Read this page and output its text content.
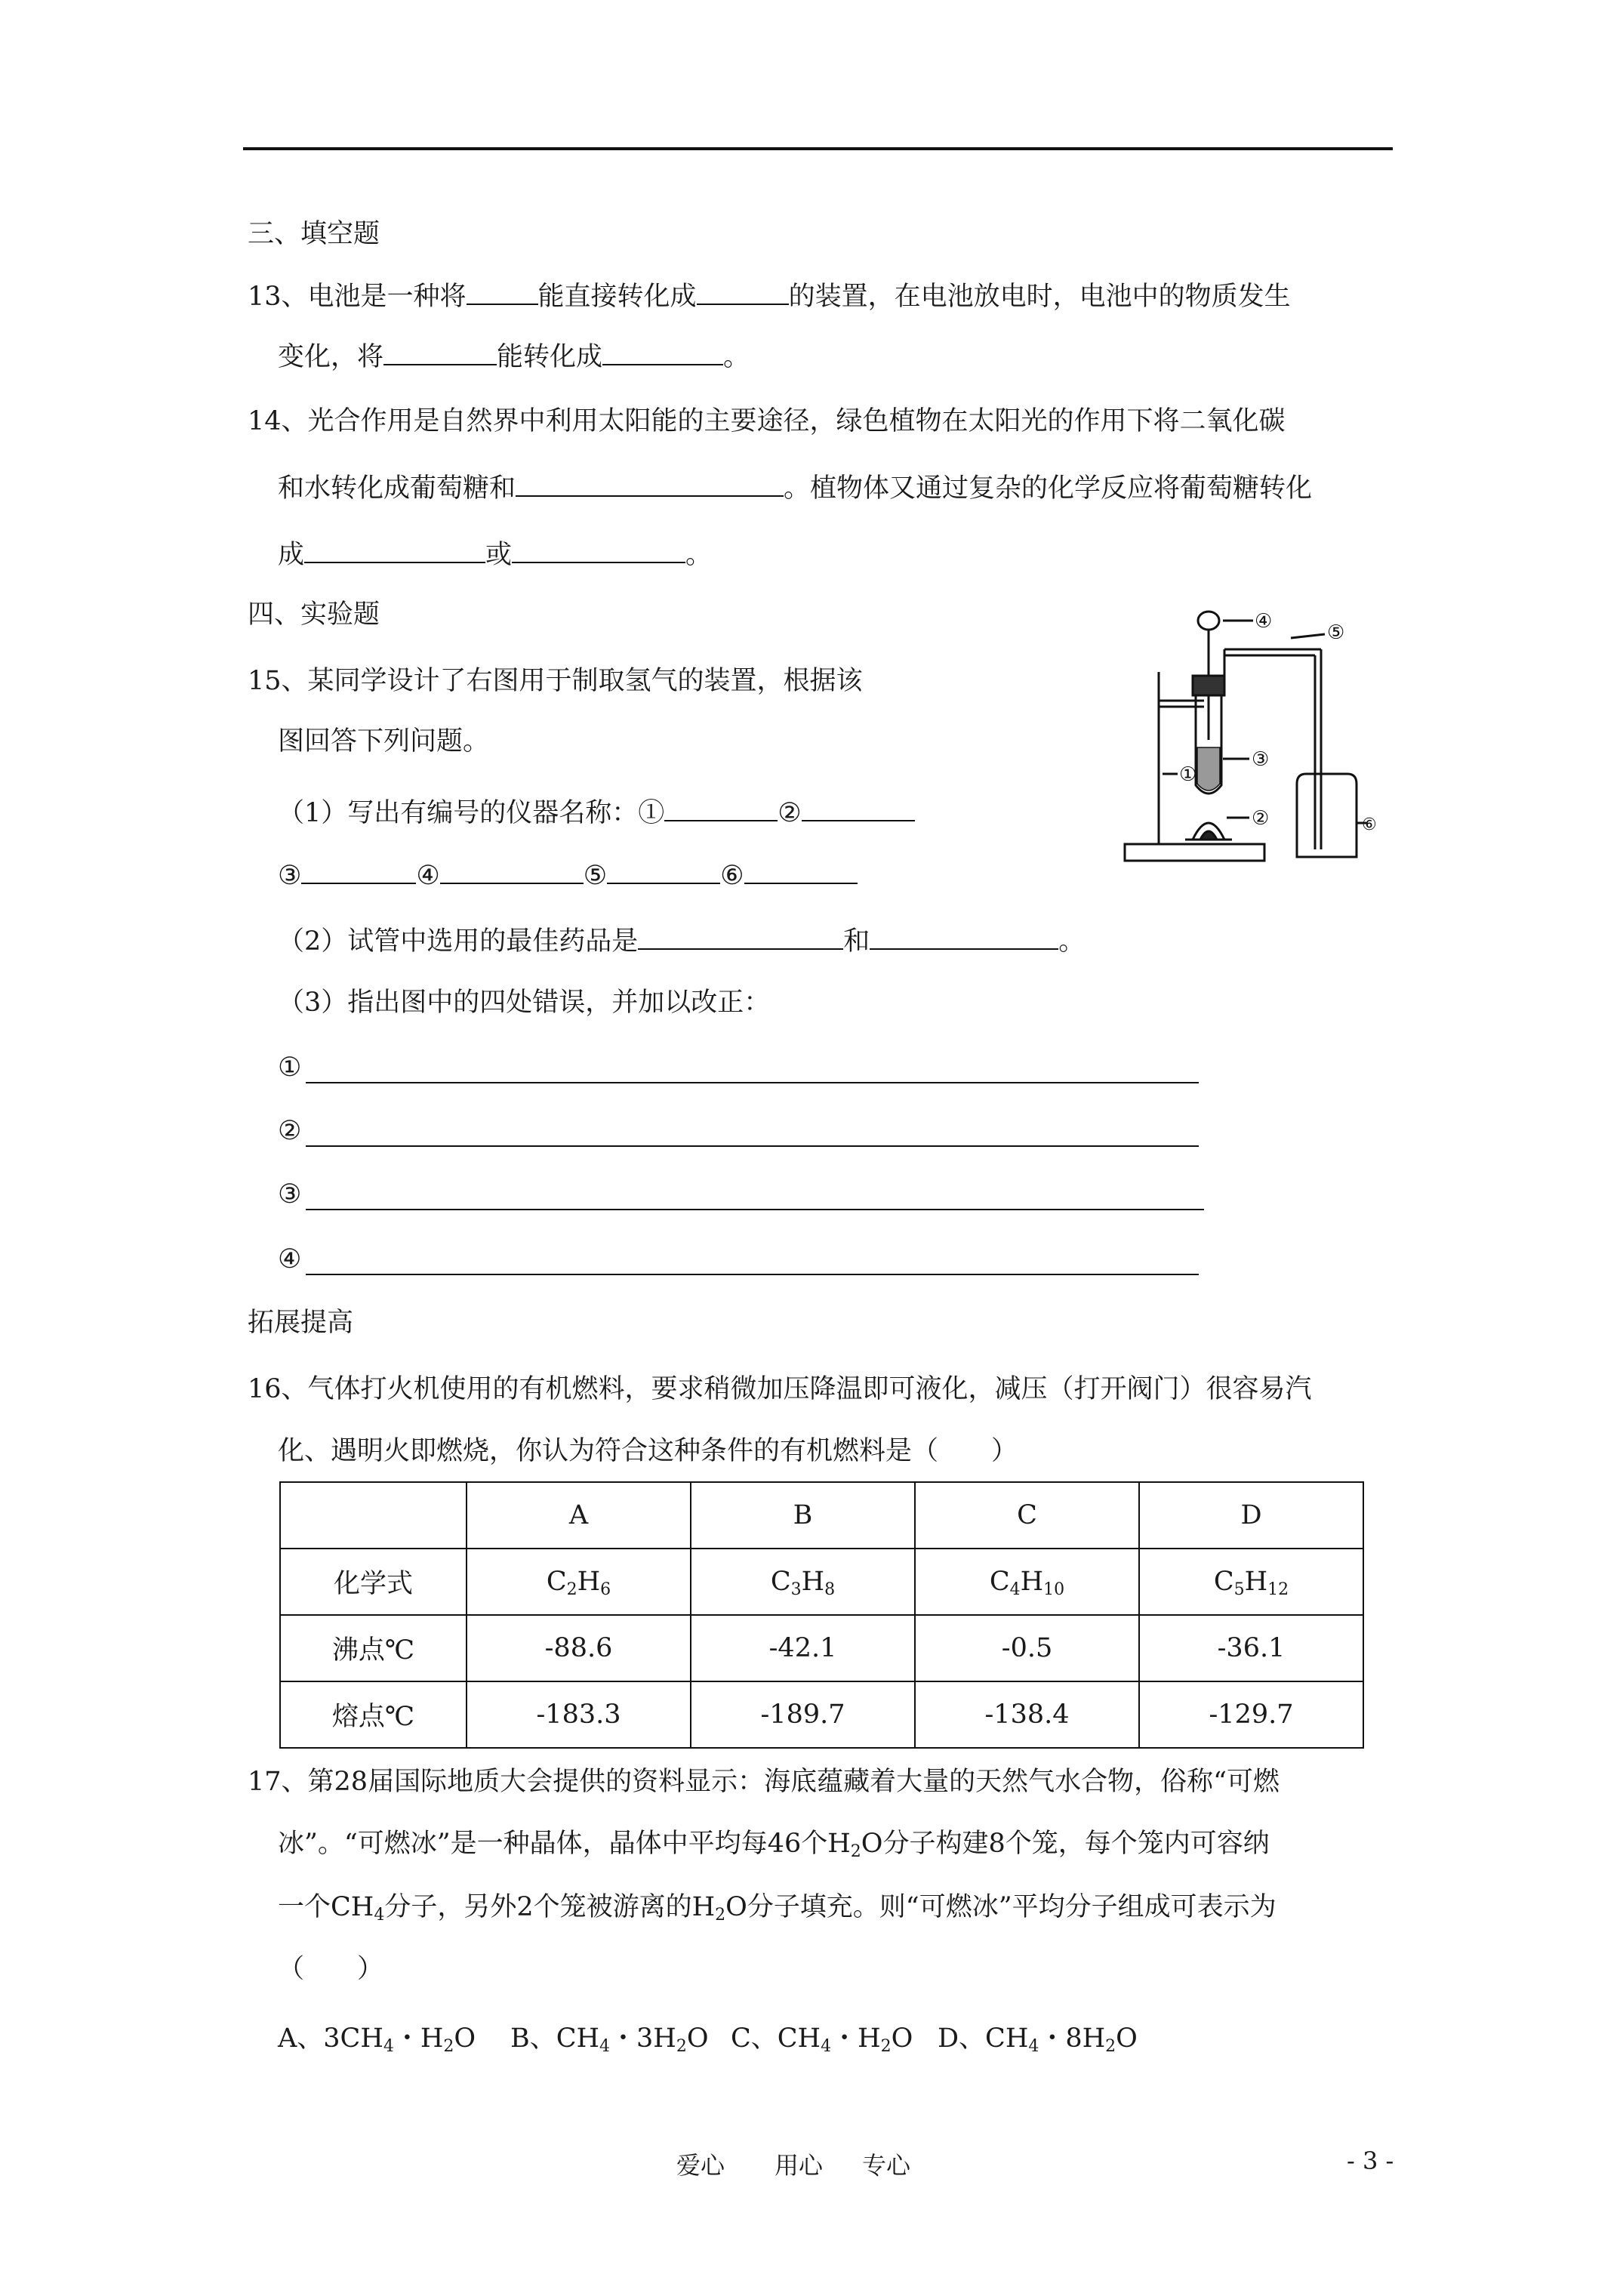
三、填空题
13、电池是一种将	能直接转化成	的装置，在电池放电时，电池中的物质发生
变化，将	能转化成	。
14、光合作用是自然界中利用太阳能的主要途径，绿色植物在太阳光的作用下将二氧化碳
和水转化成葡萄糖和	。植物体又通过复杂的化学反应将葡萄糖转化
成	或	。
四、实验题
15、某同学设计了右图用于制取氢气的装置，根据该
图回答下列问题。
（1）写出有编号的仪器名称：①	②
③	④	⑤	⑥
（2）试管中选用的最佳药品是	和	。
（3）指出图中的四处错误，并加以改正：
①
②
③
④
④	⑤
③
①
②	⑥
拓展提高
16、气体打火机使用的有机燃料，要求稍微加压降温即可液化，减压（打开阀门）很容易汽
化、遇明火即燃烧，你认为符合这种条件的有机燃料是（　　）
	A	B	C	D
化学式	$C_2H_6$	$C_3H_8$	$C_4H_{10}$	$C_5H_{12}$
沸点℃	-88.6	-42.1	-0.5	-36.1
熔点℃	-183.3	-189.7	-138.4	-129.7
17、第28届国际地质大会提供的资料显示：海底蕴藏着大量的天然气水合物，俗称“可燃
冰”。“可燃冰”是一种晶体，晶体中平均每46个$H_2O$分子构建8个笼，每个笼内可容纳
一个$CH_4$分子，另外2个笼被游离的$H_2O$分子填充。则“可燃冰”平均分子组成可表示为
（　　）
A、$3CH_4$・$H_2O$ B、$CH_4$・$3H_2O$ C、$CH_4$・$H_2O$ D、$CH_4$・$8H_2O$
爱心 用心 专心	- 3 -
